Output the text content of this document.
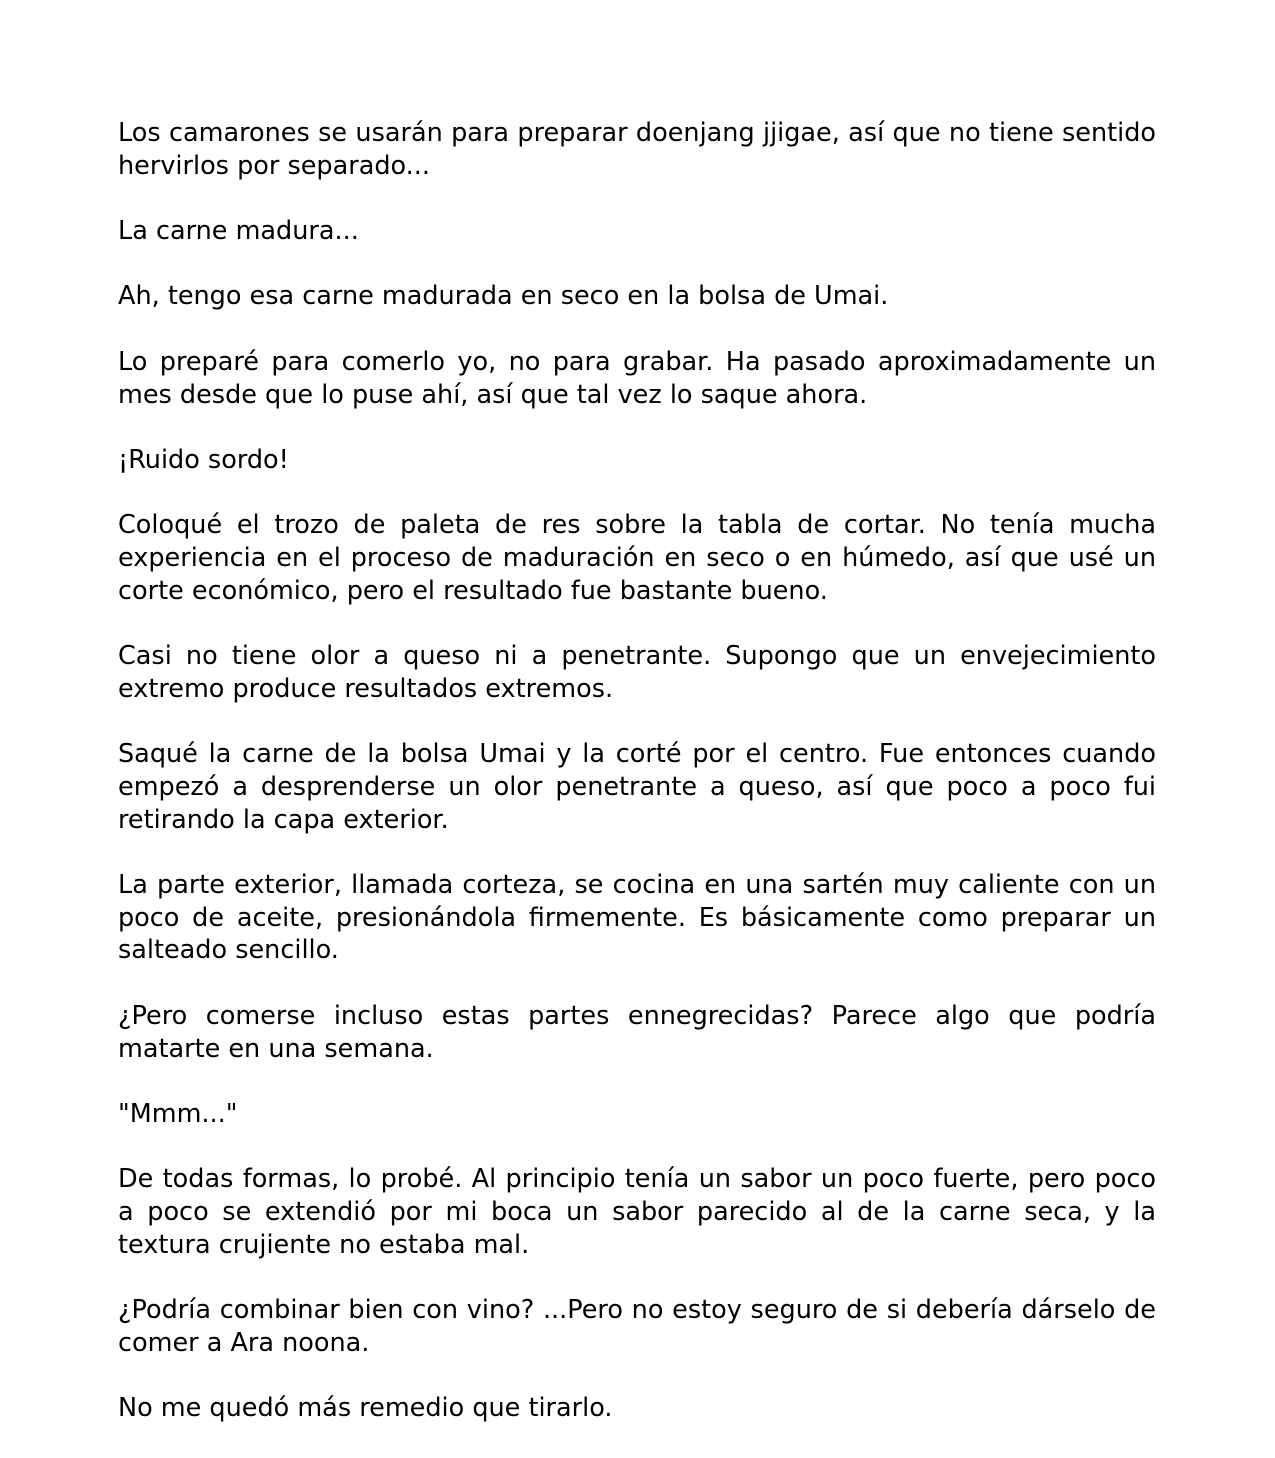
Los camarones se usarán para preparar doenjang jjigae, así que no tiene sentido hervirlos por separado...

La carne madura...

Ah, tengo esa carne madurada en seco en la bolsa de Umai.

Lo preparé para comerlo yo, no para grabar. Ha pasado aproximadamente un mes desde que lo puse ahí, así que tal vez lo saque ahora.

¡Ruido sordo!

Coloqué el trozo de paleta de res sobre la tabla de cortar. No tenía mucha experiencia en el proceso de maduración en seco o en húmedo, así que usé un corte económico, pero el resultado fue bastante bueno.

Casi no tiene olor a queso ni a penetrante. Supongo que un envejecimiento extremo produce resultados extremos.

Saqué la carne de la bolsa Umai y la corté por el centro. Fue entonces cuando empezó a desprenderse un olor penetrante a queso, así que poco a poco fui retirando la capa exterior.

La parte exterior, llamada corteza, se cocina en una sartén muy caliente con un poco de aceite, presionándola firmemente. Es básicamente como preparar un salteado sencillo.

¿Pero comerse incluso estas partes ennegrecidas? Parece algo que podría matarte en una semana.

"Mmm..."

De todas formas, lo probé. Al principio tenía un sabor un poco fuerte, pero poco a poco se extendió por mi boca un sabor parecido al de la carne seca, y la textura crujiente no estaba mal.

¿Podría combinar bien con vino? ...Pero no estoy seguro de si debería dárselo de comer a Ara noona.

No me quedó más remedio que tirarlo.
